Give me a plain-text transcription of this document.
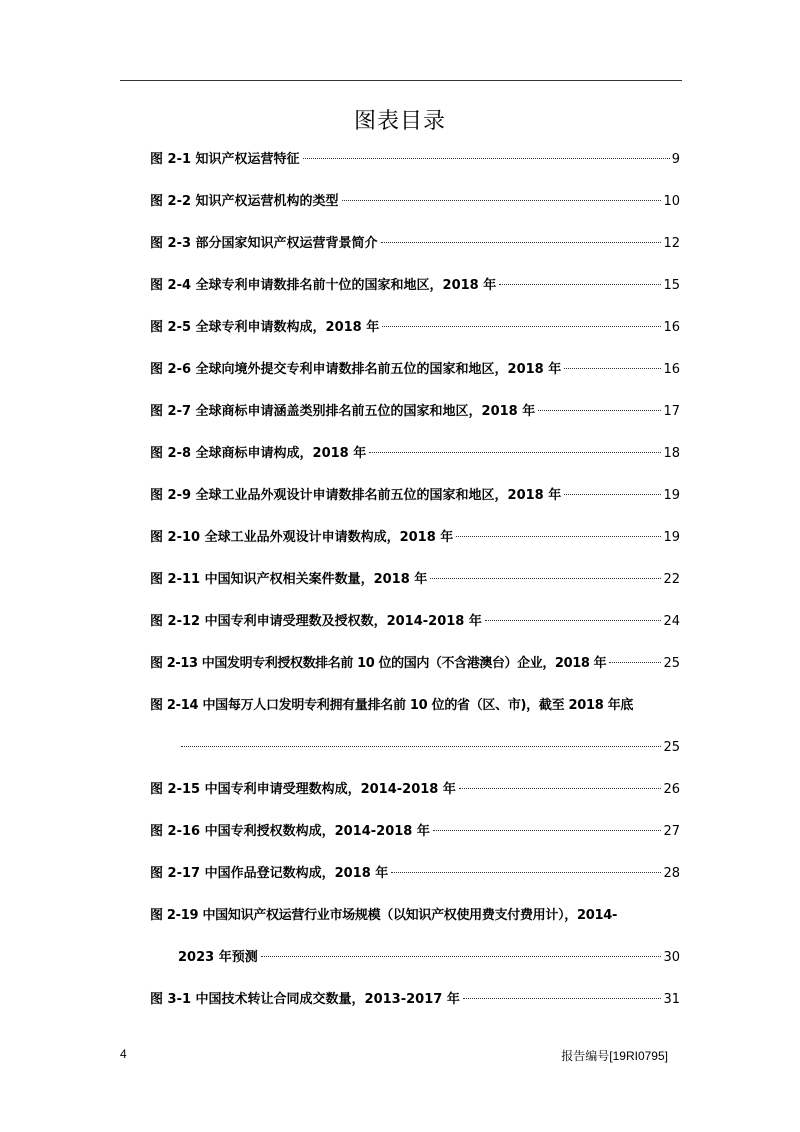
图表目录
图 2-1 知识产权运营特征	9
图 2-2 知识产权运营机构的类型	10
图 2-3 部分国家知识产权运营背景简介	12
图 2-4 全球专利申请数排名前十位的国家和地区，2018 年	15
图 2-5 全球专利申请数构成，2018 年	16
图 2-6 全球向境外提交专利申请数排名前五位的国家和地区，2018 年	16
图 2-7 全球商标申请涵盖类别排名前五位的国家和地区，2018 年	17
图 2-8 全球商标申请构成，2018 年	18
图 2-9 全球工业品外观设计申请数排名前五位的国家和地区，2018 年	19
图 2-10 全球工业品外观设计申请数构成，2018 年	19
图 2-11 中国知识产权相关案件数量，2018 年	22
图 2-12 中国专利申请受理数及授权数，2014-2018 年	24
图 2-13 中国发明专利授权数排名前 10 位的国内（不含港澳台）企业，2018 年	25
图 2-14 中国每万人口发明专利拥有量排名前 10 位的省（区、市)，截至 2018 年底
25
图 2-15 中国专利申请受理数构成，2014-2018 年	26
图 2-16 中国专利授权数构成，2014-2018 年	27
图 2-17 中国作品登记数构成，2018 年	28
图 2-19 中国知识产权运营行业市场规模（以知识产权使用费支付费用计），2014-
2023 年预测	30
图 3-1 中国技术转让合同成交数量，2013-2017 年	31
4	报告编号[19RI0795]
